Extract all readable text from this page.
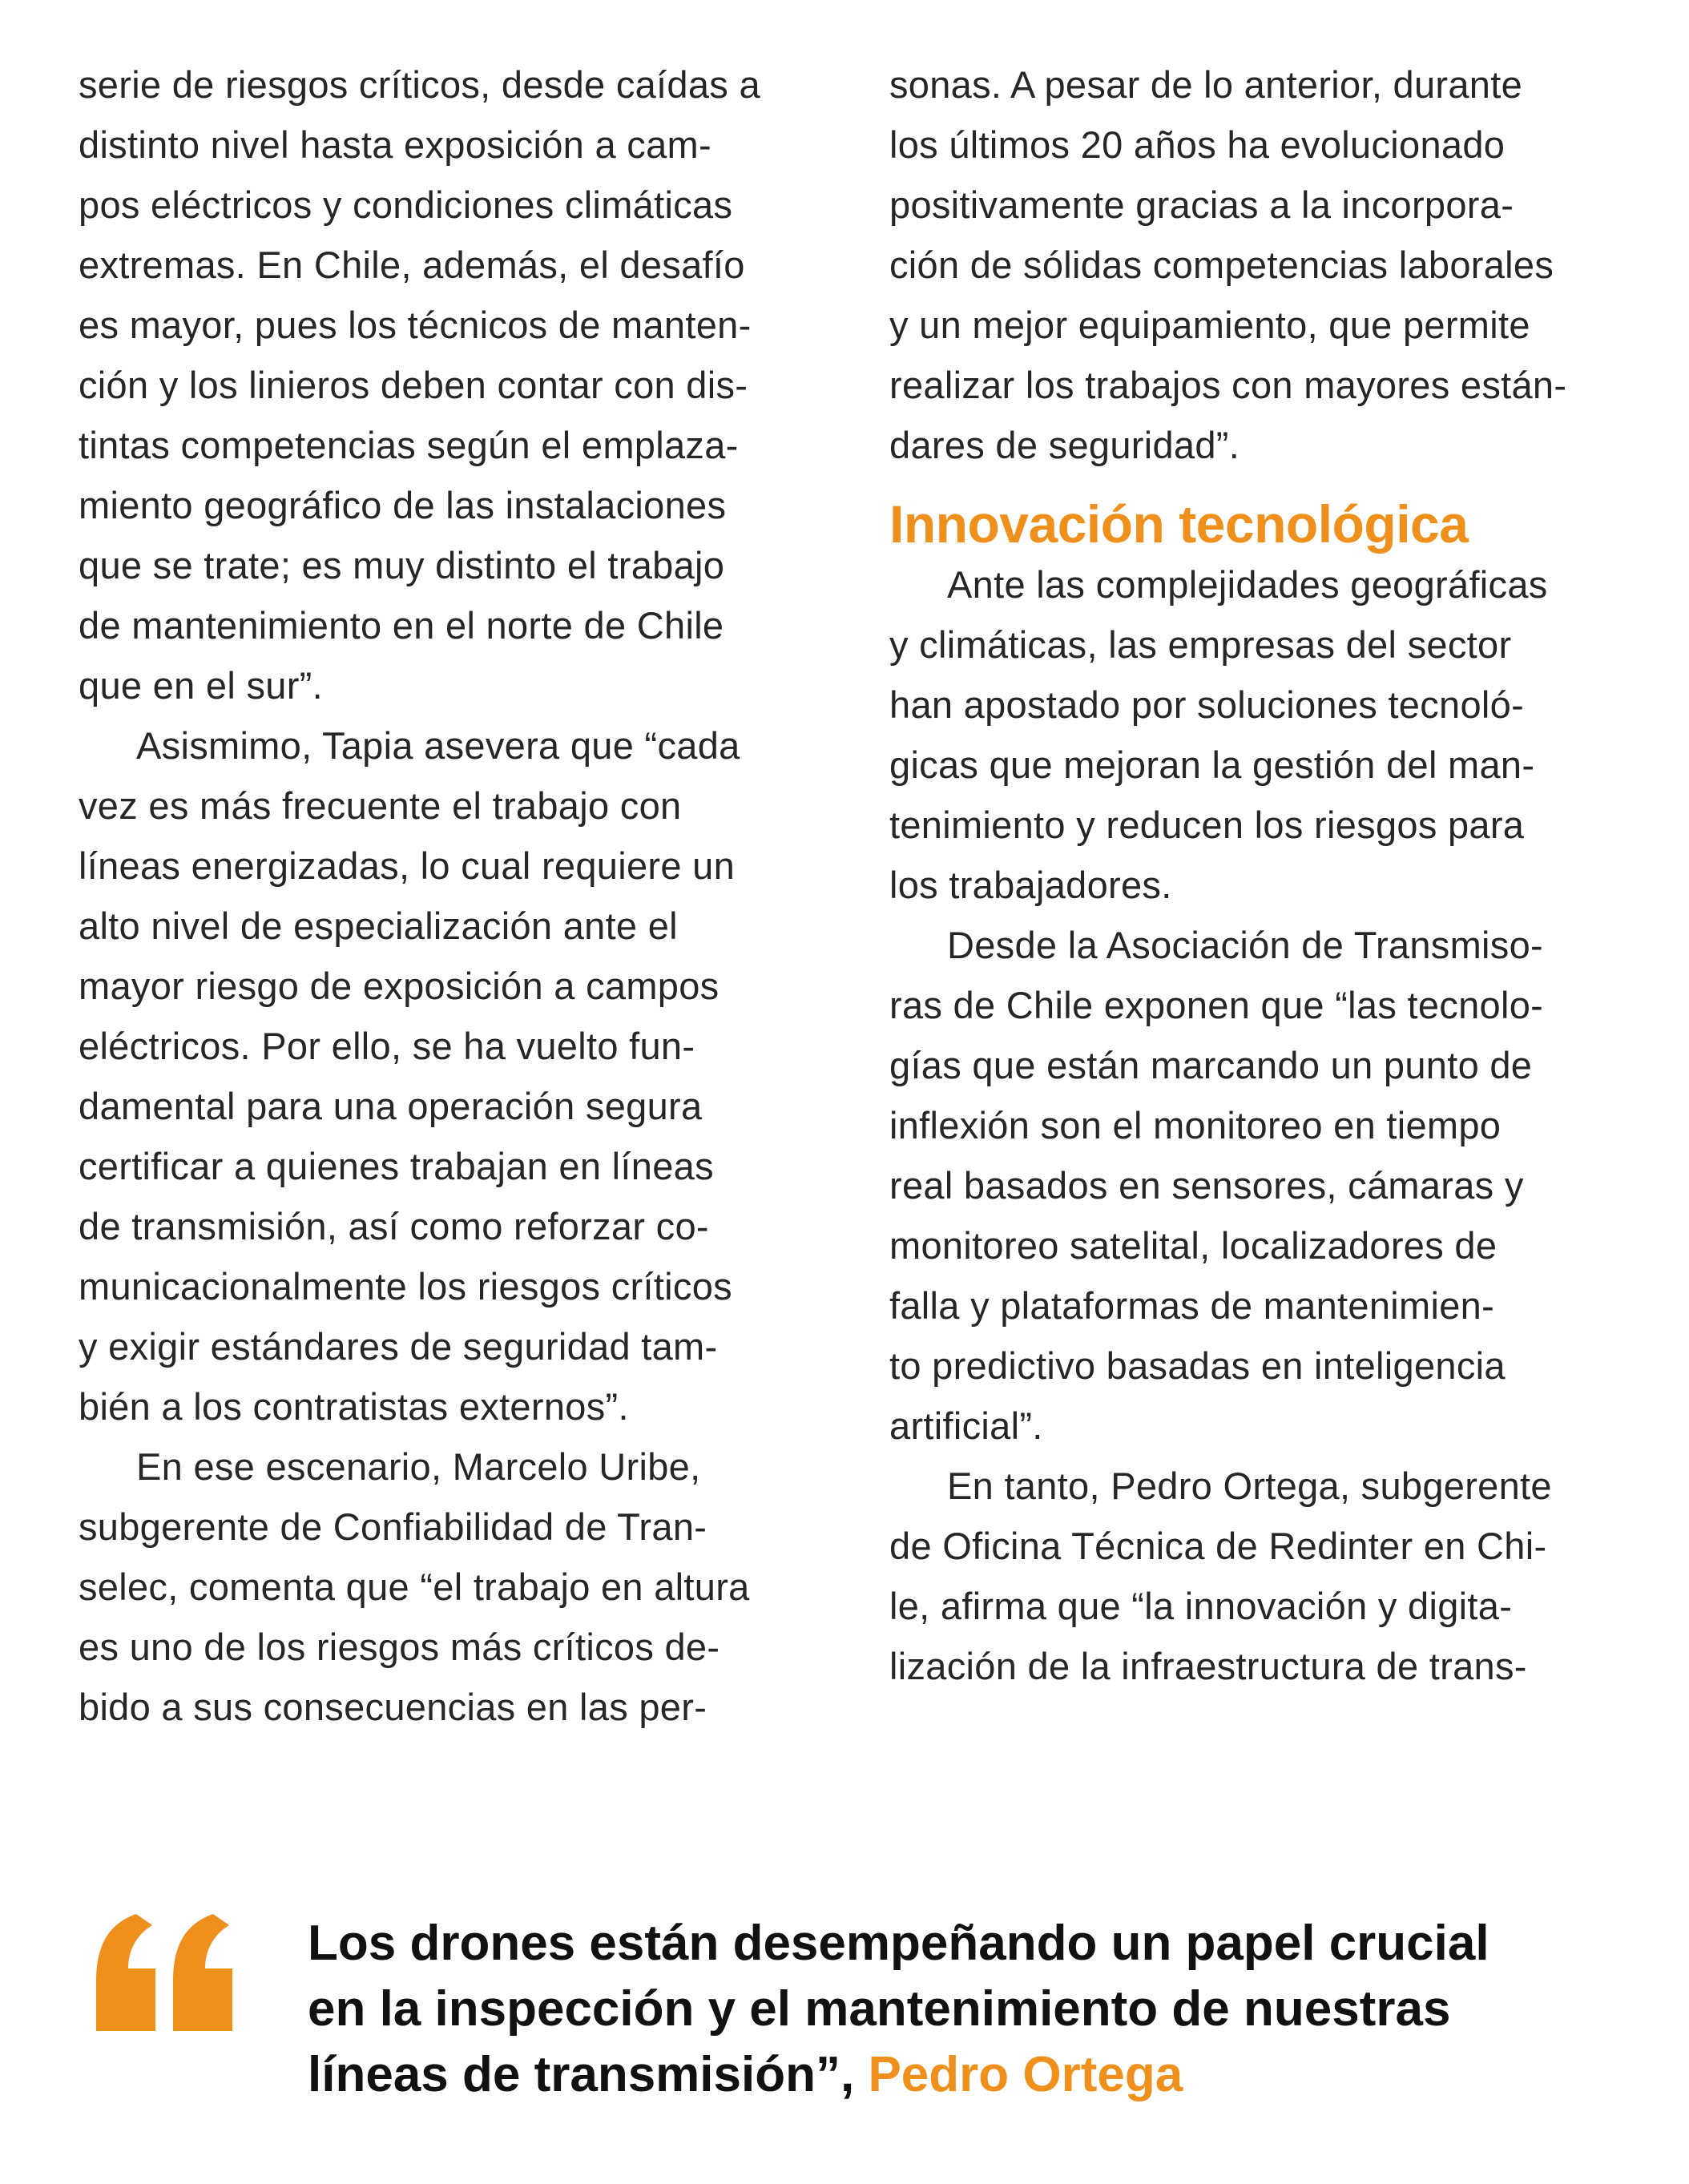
serie de riesgos críticos, desde caídas a
distinto nivel hasta exposición a cam-
pos eléctricos y condiciones climáticas
extremas. En Chile, además, el desafío
es mayor, pues los técnicos de manten-
ción y los linieros deben contar con dis-
tintas competencias según el emplaza-
miento geográfico de las instalaciones
que se trate; es muy distinto el trabajo
de mantenimiento en el norte de Chile
que en el sur”.
Asismimo, Tapia asevera que “cada
vez es más frecuente el trabajo con
líneas energizadas, lo cual requiere un
alto nivel de especialización ante el
mayor riesgo de exposición a campos
eléctricos. Por ello, se ha vuelto fun-
damental para una operación segura
certificar a quienes trabajan en líneas
de transmisión, así como reforzar co-
municacionalmente los riesgos críticos
y exigir estándares de seguridad tam-
bién a los contratistas externos”.
En ese escenario, Marcelo Uribe,
subgerente de Confiabilidad de Tran-
selec, comenta que “el trabajo en altura
es uno de los riesgos más críticos de-
bido a sus consecuencias en las per-
sonas. A pesar de lo anterior, durante
los últimos 20 años ha evolucionado
positivamente gracias a la incorpora-
ción de sólidas competencias laborales
y un mejor equipamiento, que permite
realizar los trabajos con mayores están-
dares de seguridad”.
Innovación tecnológica
Ante las complejidades geográficas
y climáticas, las empresas del sector
han apostado por soluciones tecnoló-
gicas que mejoran la gestión del man-
tenimiento y reducen los riesgos para
los trabajadores.
Desde la Asociación de Transmiso-
ras de Chile exponen que “las tecnolo-
gías que están marcando un punto de
inflexión son el monitoreo en tiempo
real basados en sensores, cámaras y
monitoreo satelital, localizadores de
falla y plataformas de mantenimien-
to predictivo basadas en inteligencia
artificial”.
En tanto, Pedro Ortega, subgerente
de Oficina Técnica de Redinter en Chi-
le, afirma que “la innovación y digita-
lización de la infraestructura de trans-
Los drones están desempeñando un papel crucial
en la inspección y el mantenimiento de nuestras
líneas de transmisión”, Pedro Ortega
